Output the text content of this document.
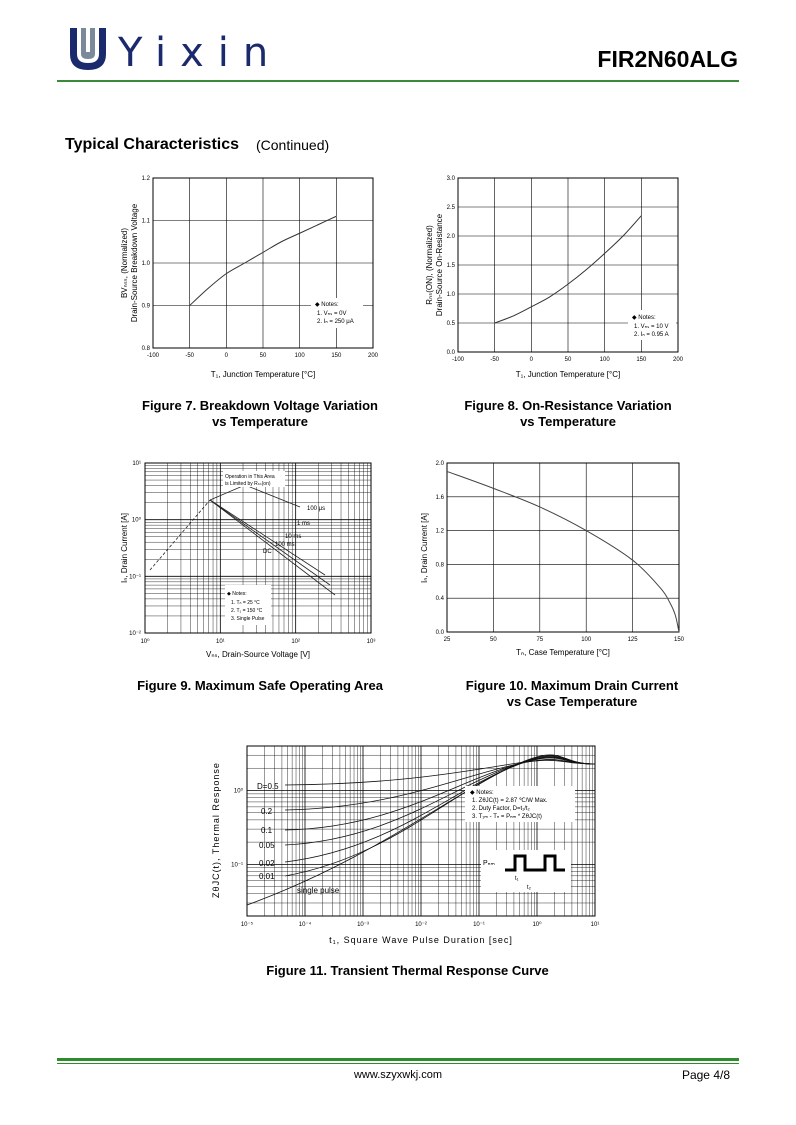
Yixin	FIR2N60ALG
Typical Characteristics (Continued)
-100	-50	0	50	100	150	200
0.8
0.9
1.0
1.1
1.2
◆ Notes:
1. Vₙₛ = 0V
2. Iₙ = 250 μA
T₁, Junction Temperature [°C]
BVₙₛₛ, (Normalized) Drain-Source Breakdown Voltage
Figure 7. Breakdown Voltage Variation
vs Temperature
-100	-50	0	50	100	150	200
0.0
0.5
1.0
1.5
2.0
2.5
3.0
◆ Notes:
1. Vₙₛ = 10 V
2. Iₙ = 0.95 A
T₁, Junction Temperature [°C]
Rₙₛ(ON), (Normalized) Drain-Source On-Resistance
Figure 8. On-Resistance Variation
vs Temperature
10⁰	10¹	10²	10³
10⁻²
10⁻¹
10⁰
10¹
Operation in This Area
is Limited by Rₙₛ(on)
100 μs
1 ms
10 ms
100 ms
DC
◆ Notes:
1. Tₙ = 25 °C
2. T₁ = 150 °C
3. Single Pulse
Vₙₛ, Drain-Source Voltage [V]
Iₙ, Drain Current [A]
Figure 9. Maximum Safe Operating Area
25	50	75	100	125	150
0.0
0.4
0.8
1.2
1.6
2.0
Tₙ, Case Temperature [°C]
Iₙ, Drain Current [A]
Figure 10. Maximum Drain Current
vs Case Temperature
10⁻⁵	10⁻⁴	10⁻³	10⁻²	10⁻¹	10⁰	10¹
10⁻¹
10⁰
D=0.5
0.2
0.1
0.05
0.02
0.01
single pulse
◆ Notes:
1. ZθJC(t) = 2.87 ℃/W Max.
2. Duty Factor, D=t₁/t₂
3. T₁ₘ - Tₙ = Pₙₘ * ZθJC(t)
Pₙₘ
t₁
t₂
t₁, Square Wave Pulse Duration [sec]
ZθJC(t), Thermal Response
Figure 11. Transient Thermal Response Curve
www.szyxwkj.com	Page 4/8
